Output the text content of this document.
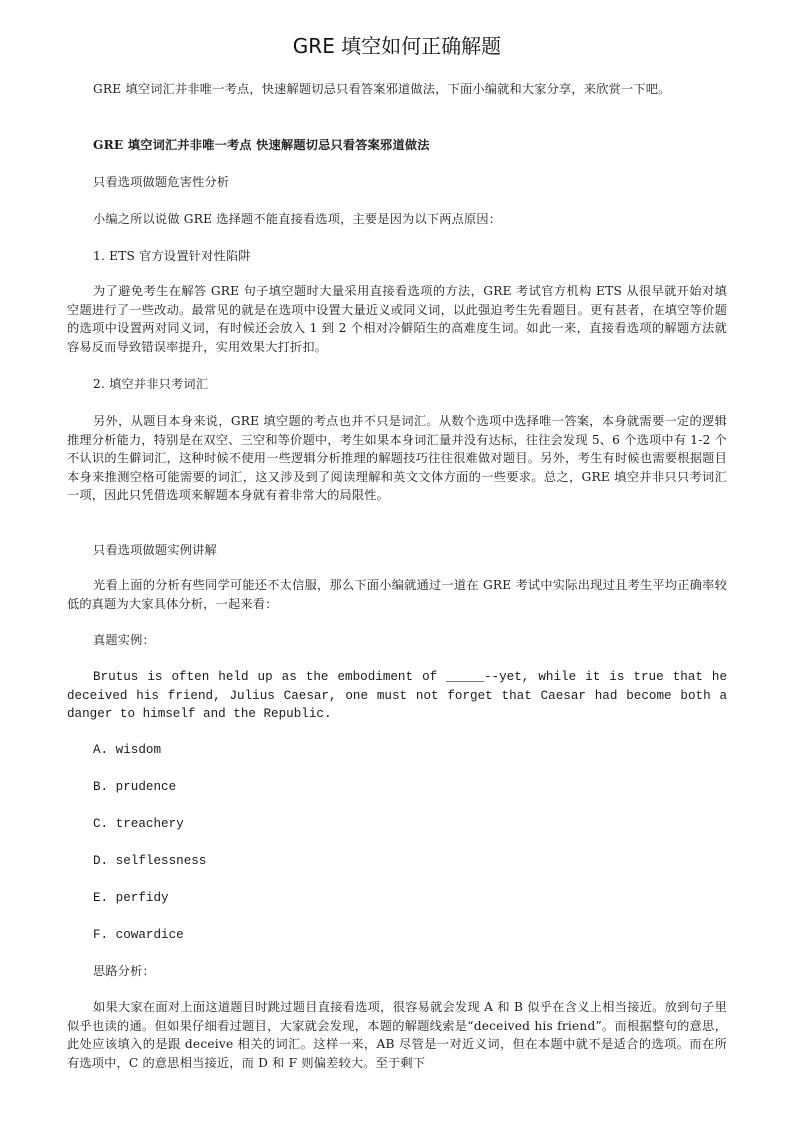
GRE 填空如何正确解题

GRE 填空词汇并非唯一考点，快速解题切忌只看答案邪道做法，下面小编就和大家分享，来欣赏一下吧。

GRE 填空词汇并非唯一考点 快速解题切忌只看答案邪道做法

只看选项做题危害性分析

小编之所以说做 GRE 选择题不能直接看选项，主要是因为以下两点原因：

1. ETS 官方设置针对性陷阱

为了避免考生在解答 GRE 句子填空题时大量采用直接看选项的方法，GRE 考试官方机构 ETS 从很早就开始对填空题进行了一些改动。最常见的就是在选项中设置大量近义或同义词，以此强迫考生先看题目。更有甚者，在填空等价题的选项中设置两对同义词，有时候还会放入 1 到 2 个相对冷僻陌生的高难度生词。如此一来，直接看选项的解题方法就容易反而导致错误率提升，实用效果大打折扣。

2. 填空并非只考词汇

另外，从题目本身来说，GRE 填空题的考点也并不只是词汇。从数个选项中选择唯一答案，本身就需要一定的逻辑推理分析能力，特别是在双空、三空和等价题中，考生如果本身词汇量并没有达标，往往会发现 5、6 个选项中有 1-2 个不认识的生僻词汇，这种时候不使用一些逻辑分析推理的解题技巧往往很难做对题目。另外，考生有时候也需要根据题目本身来推测空格可能需要的词汇，这又涉及到了阅读理解和英文文体方面的一些要求。总之，GRE 填空并非只只考词汇一项，因此只凭借选项来解题本身就有着非常大的局限性。

只看选项做题实例讲解

光看上面的分析有些同学可能还不太信服，那么下面小编就通过一道在 GRE 考试中实际出现过且考生平均正确率较低的真题为大家具体分析，一起来看：

真题实例：

Brutus is often held up as the embodiment of _____--yet, while it is true that he deceived his friend, Julius Caesar, one must not forget that Caesar had become both a danger to himself and the Republic.

A. wisdom

B. prudence

C. treachery

D. selflessness

E. perfidy

F. cowardice

思路分析：

如果大家在面对上面这道题目时跳过题目直接看选项，很容易就会发现 A 和 B 似乎在含义上相当接近。放到句子里似乎也读的通。但如果仔细看过题目，大家就会发现，本题的解题线索是“deceived his friend”。而根据整句的意思，此处应该填入的是跟 deceive 相关的词汇。这样一来，AB 尽管是一对近义词，但在本题中就不是适合的选项。而在所有选项中，C 的意思相当接近，而 D 和 F 则偏差较大。至于剩下
